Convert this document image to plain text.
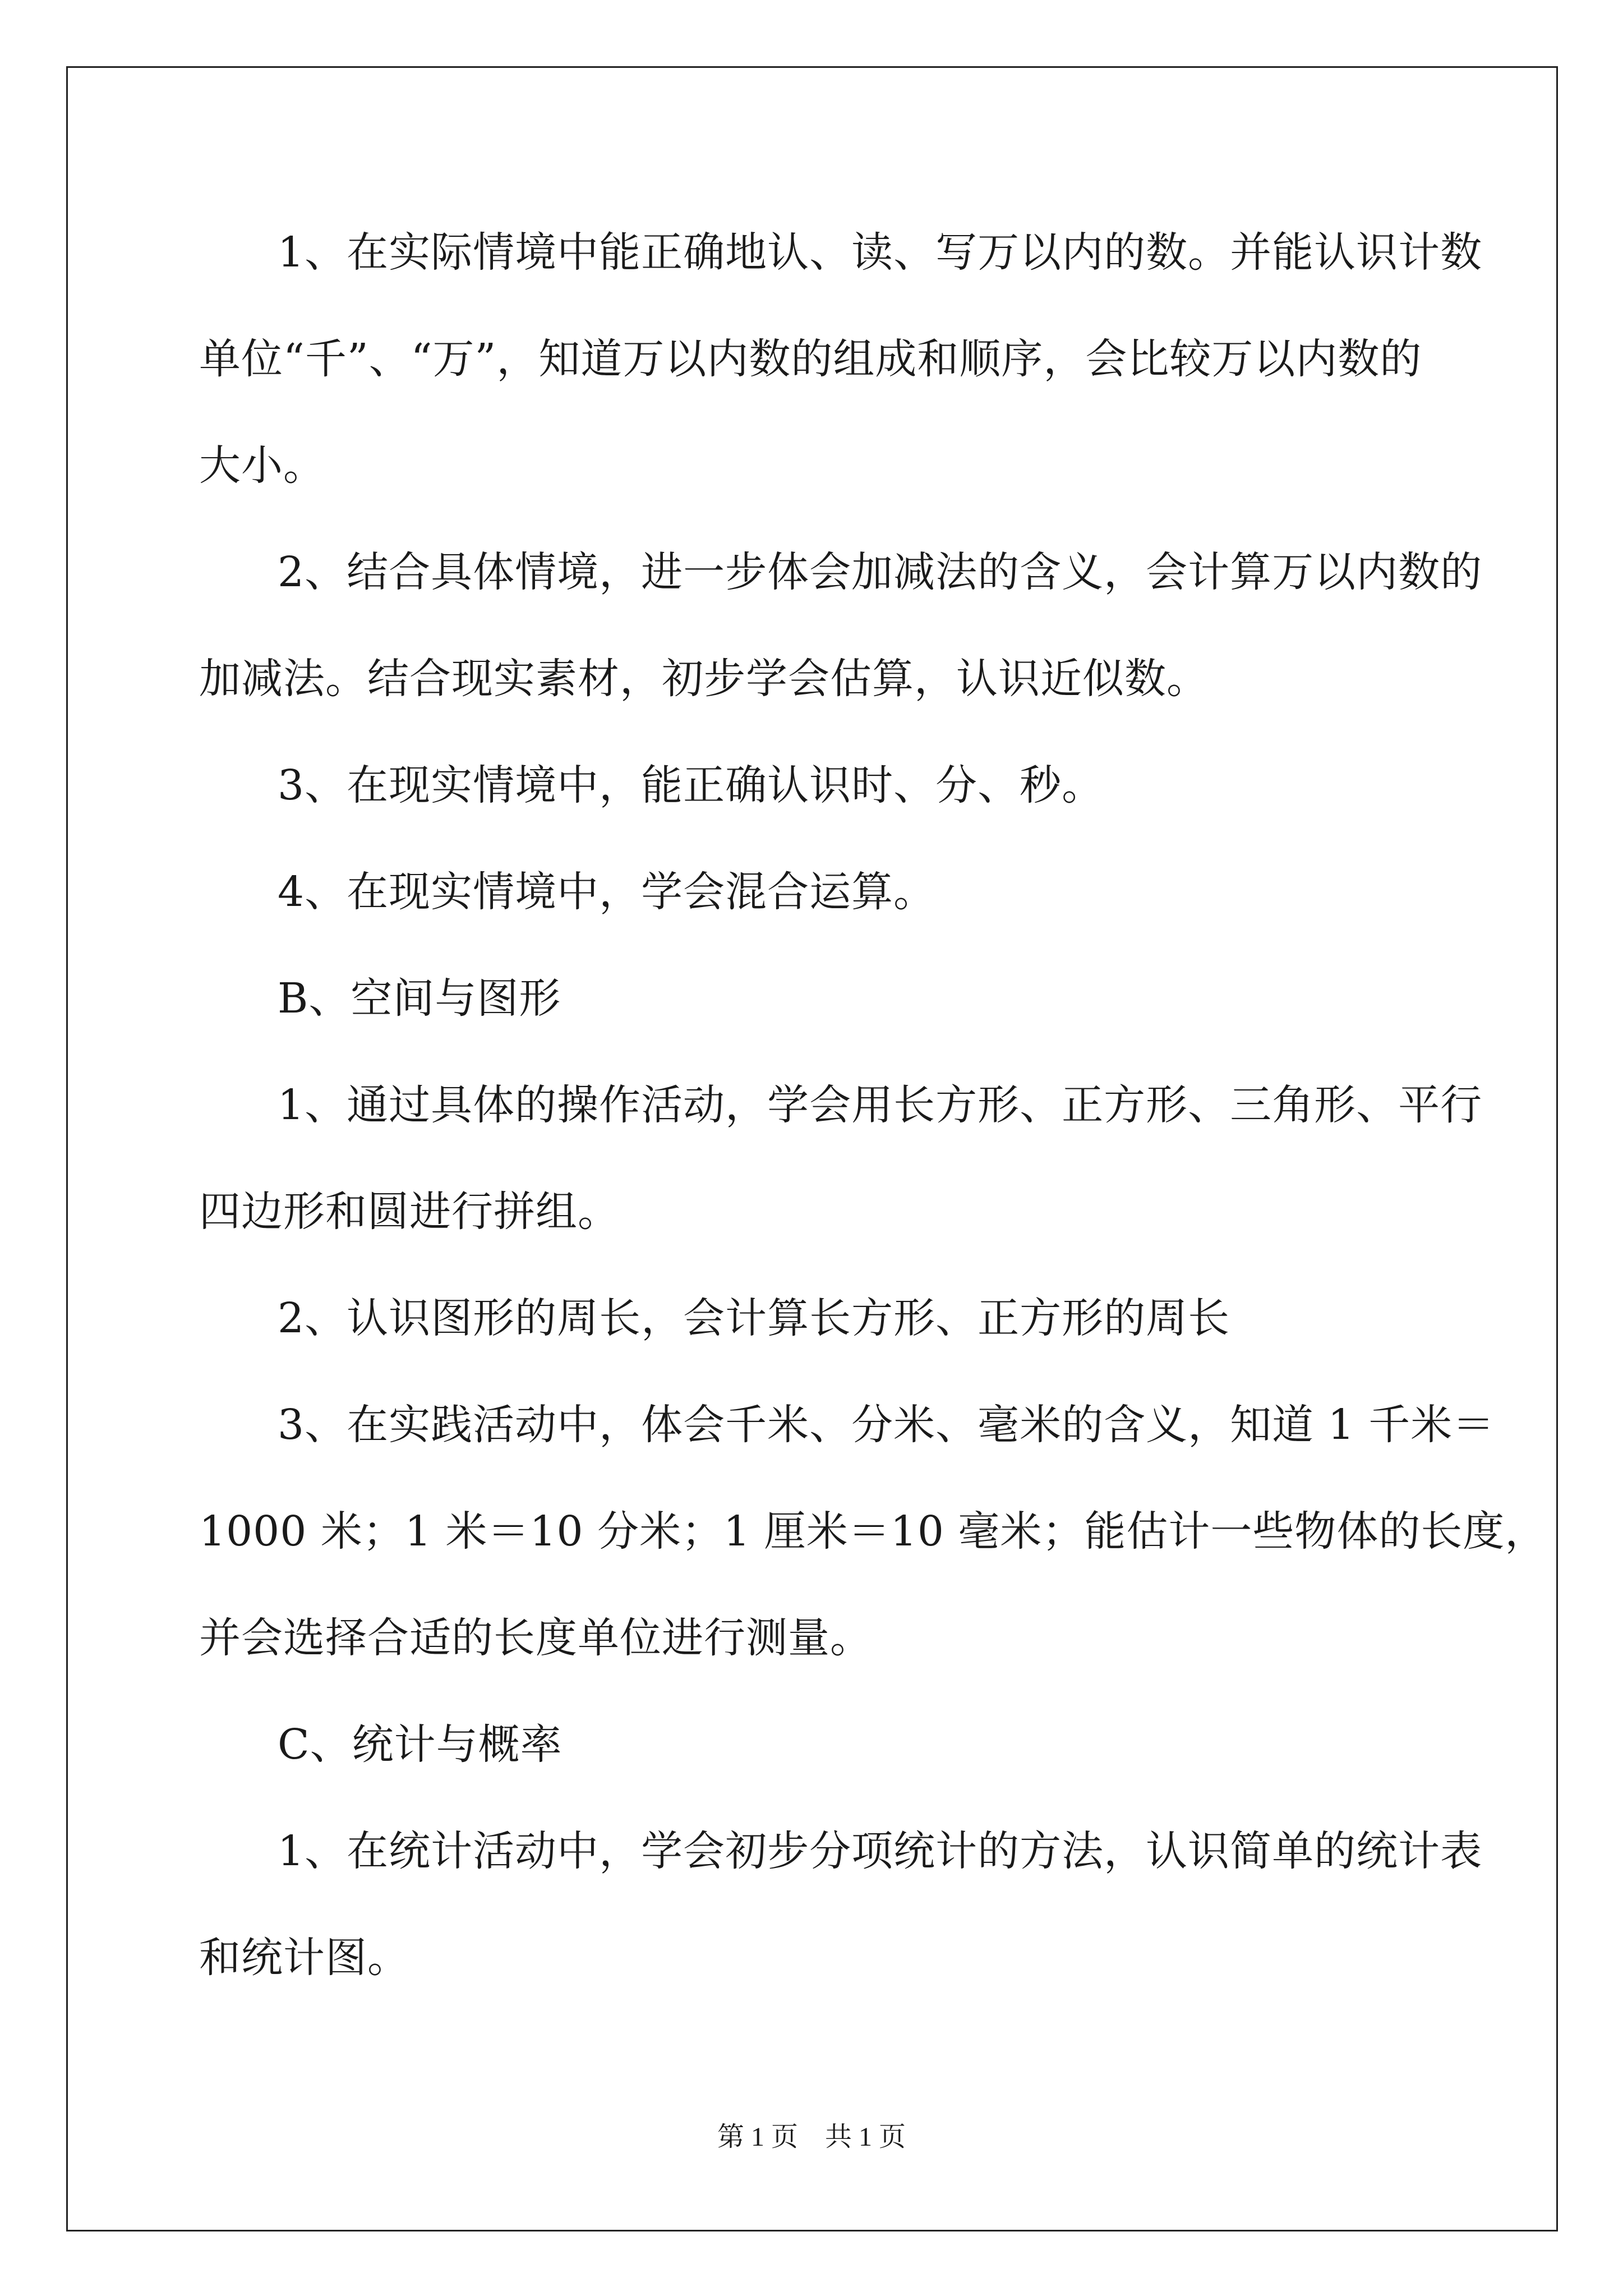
1、在实际情境中能正确地认、读、写万以内的数。并能认识计数

单位“千”、“万”，知道万以内数的组成和顺序，会比较万以内数的

大小。

2、结合具体情境，进一步体会加减法的含义，会计算万以内数的

加减法。结合现实素材，初步学会估算，认识近似数。

3、在现实情境中，能正确认识时、分、秒。

4、在现实情境中，学会混合运算。

B、空间与图形

1、通过具体的操作活动，学会用长方形、正方形、三角形、平行

四边形和圆进行拼组。

2、认识图形的周长，会计算长方形、正方形的周长

3、在实践活动中，体会千米、分米、毫米的含义，知道 1 千米＝

1000 米；1 米＝10 分米；1 厘米＝10 毫米；能估计一些物体的长度，

并会选择合适的长度单位进行测量。

C、统计与概率

1、在统计活动中，学会初步分项统计的方法，认识简单的统计表

和统计图。

第 1 页　共 1 页
